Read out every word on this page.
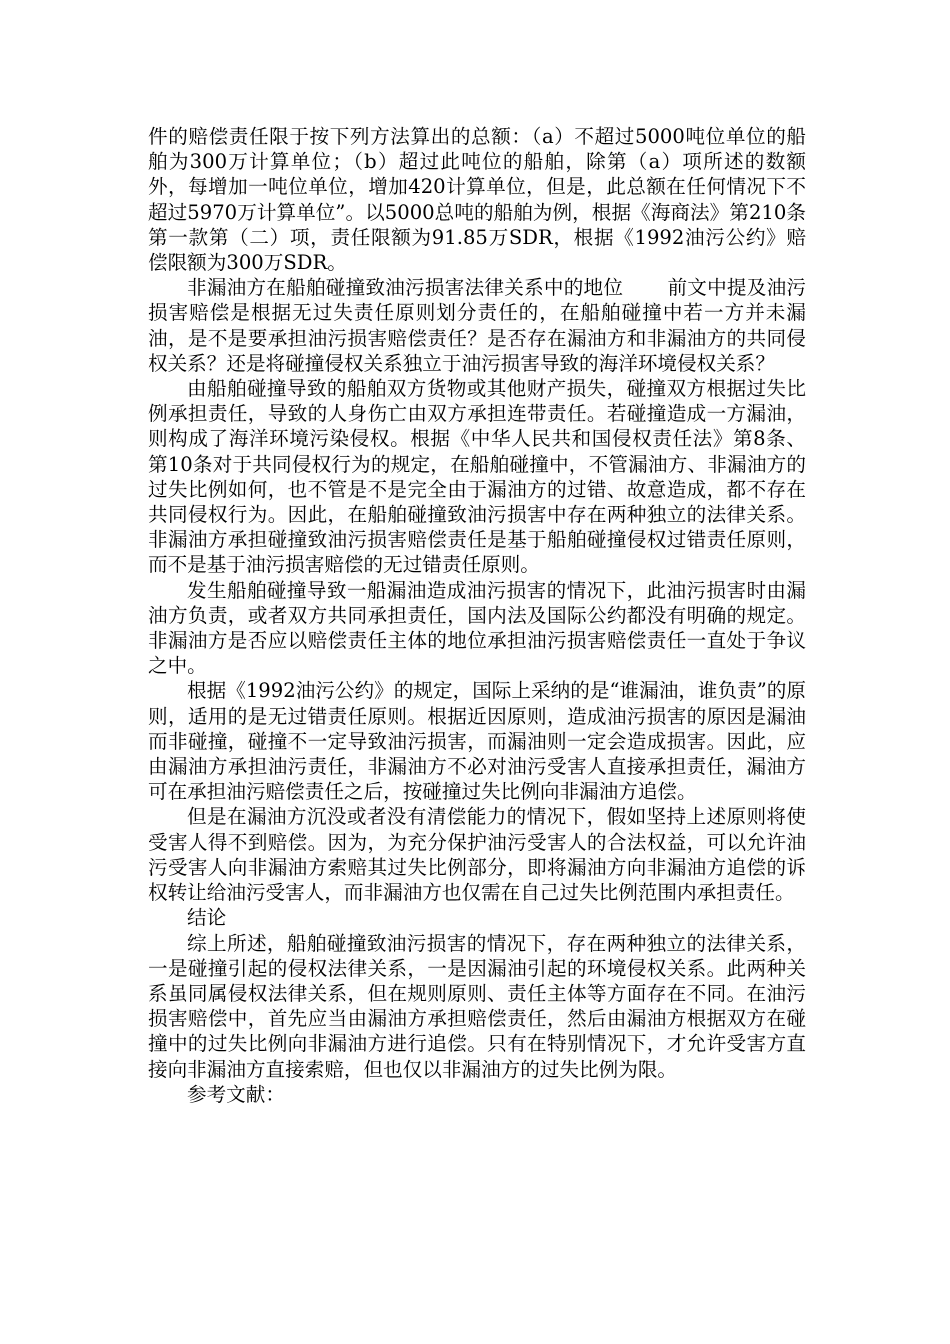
件的赔偿责任限于按下列方法算出的总额：（a）不超过5000吨位单位的船舶为300万计算单位；（b）超过此吨位的船舶，除第（a）项所述的数额外，每增加一吨位单位，增加420计算单位，但是，此总额在任何情况下不超过5970万计算单位”。以5000总吨的船舶为例，根据《海商法》第210条第一款第（二）项，责任限额为91.85万SDR，根据《1992油污公约》赔偿限额为300万SDR。

非漏油方在船舶碰撞致油污损害法律关系中的地位 前文中提及油污损害赔偿是根据无过失责任原则划分责任的，在船舶碰撞中若一方并未漏油，是不是要承担油污损害赔偿责任？是否存在漏油方和非漏油方的共同侵权关系？还是将碰撞侵权关系独立于油污损害导致的海洋环境侵权关系？

由船舶碰撞导致的船舶双方货物或其他财产损失，碰撞双方根据过失比例承担责任，导致的人身伤亡由双方承担连带责任。若碰撞造成一方漏油，则构成了海洋环境污染侵权。根据《中华人民共和国侵权责任法》第8条、第10条对于共同侵权行为的规定，在船舶碰撞中，不管漏油方、非漏油方的过失比例如何，也不管是不是完全由于漏油方的过错、故意造成，都不存在共同侵权行为。因此，在船舶碰撞致油污损害中存在两种独立的法律关系。非漏油方承担碰撞致油污损害赔偿责任是基于船舶碰撞侵权过错责任原则，而不是基于油污损害赔偿的无过错责任原则。

发生船舶碰撞导致一船漏油造成油污损害的情况下，此油污损害时由漏油方负责，或者双方共同承担责任，国内法及国际公约都没有明确的规定。非漏油方是否应以赔偿责任主体的地位承担油污损害赔偿责任一直处于争议之中。

根据《1992油污公约》的规定，国际上采纳的是“谁漏油，谁负责”的原则，适用的是无过错责任原则。根据近因原则，造成油污损害的原因是漏油而非碰撞，碰撞不一定导致油污损害，而漏油则一定会造成损害。因此，应由漏油方承担油污责任，非漏油方不必对油污受害人直接承担责任，漏油方可在承担油污赔偿责任之后，按碰撞过失比例向非漏油方追偿。

但是在漏油方沉没或者没有清偿能力的情况下，假如坚持上述原则将使受害人得不到赔偿。因为，为充分保护油污受害人的合法权益，可以允许油污受害人向非漏油方索赔其过失比例部分，即将漏油方向非漏油方追偿的诉权转让给油污受害人，而非漏油方也仅需在自己过失比例范围内承担责任。

结论

综上所述，船舶碰撞致油污损害的情况下，存在两种独立的法律关系，一是碰撞引起的侵权法律关系，一是因漏油引起的环境侵权关系。此两种关系虽同属侵权法律关系，但在规则原则、责任主体等方面存在不同。在油污损害赔偿中，首先应当由漏油方承担赔偿责任，然后由漏油方根据双方在碰撞中的过失比例向非漏油方进行追偿。只有在特别情况下，才允许受害方直接向非漏油方直接索赔，但也仅以非漏油方的过失比例为限。

参考文献：
